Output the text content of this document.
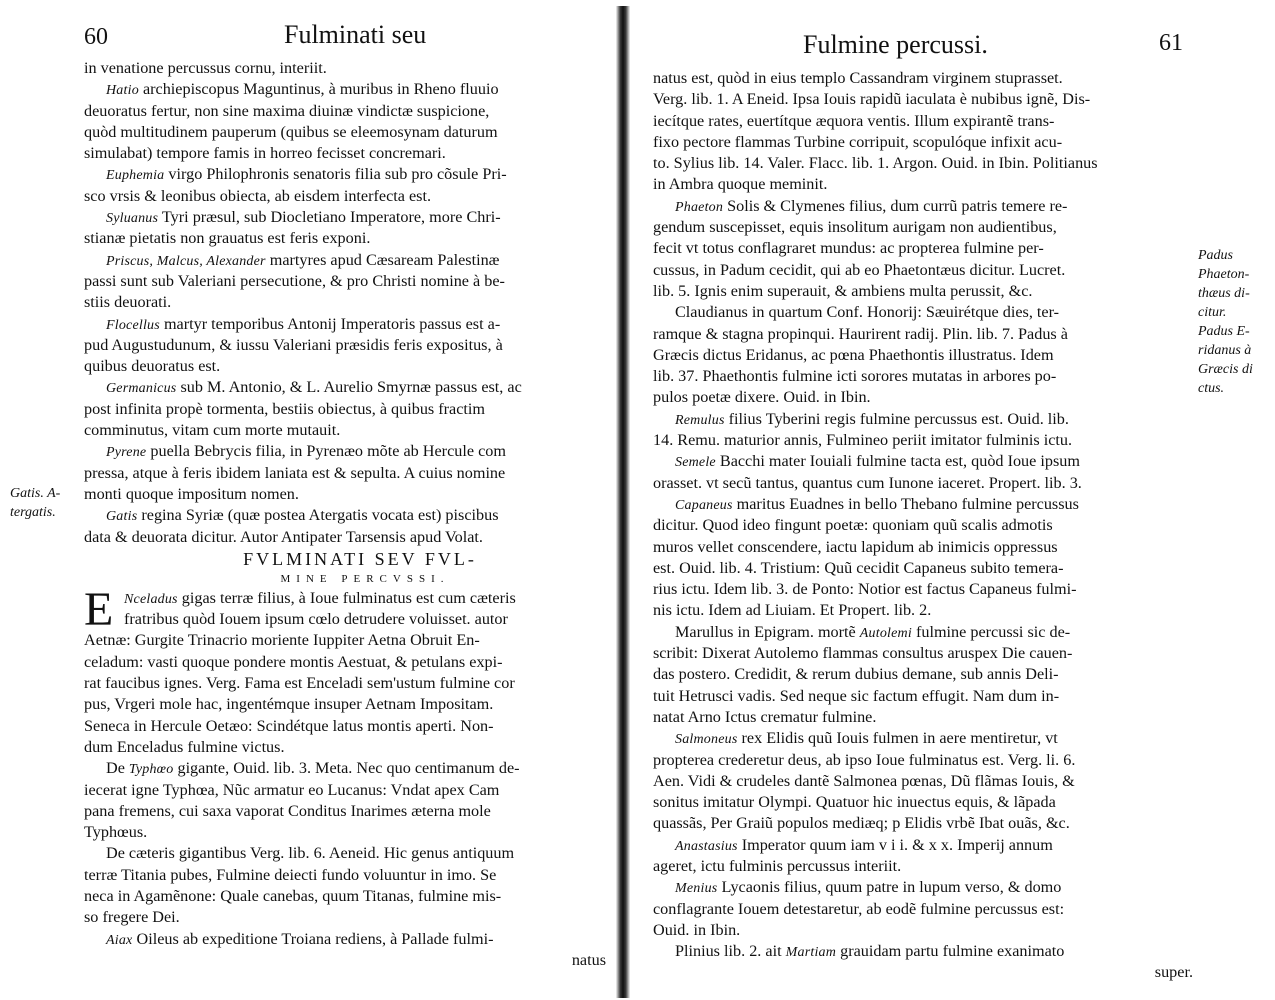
60	Fulminati seu
in venatione percussus cornu, interiit.
Hatio archiepiscopus Maguntinus, à muribus in Rheno fluuio
deuoratus fertur, non sine maxima diuinæ vindictæ suspicione,
quòd multitudinem pauperum (quibus se eleemosynam daturum
simulabat) tempore famis in horreo fecisset concremari.
Euphemia virgo Philophronis senatoris filia sub pro cõsule Pri-
sco vrsis & leonibus obiecta, ab eisdem interfecta est.
Syluanus Tyri præsul, sub Diocletiano Imperatore, more Chri-
stianæ pietatis non grauatus est feris exponi.
Priscus, Malcus, Alexander martyres apud Cæsaream Palestinæ
passi sunt sub Valeriani persecutione, & pro Christi nomine à be-
stiis deuorati.
Flocellus martyr temporibus Antonij Imperatoris passus est a-
pud Augustudunum, & iussu Valeriani præsidis feris expositus, à
quibus deuoratus est.
Germanicus sub M. Antonio, & L. Aurelio Smyrnæ passus est, ac
post infinita propè tormenta, bestiis obiectus, à quibus fractim
comminutus, vitam cum morte mutauit.
Pyrene puella Bebrycis filia, in Pyrenæo mõte ab Hercule com
pressa, atque à feris ibidem laniata est & sepulta. A cuius nomine
monti quoque impositum nomen.
Gatis regina Syriæ (quæ postea Atergatis vocata est) piscibus
data & deuorata dicitur. Autor Antipater Tarsensis apud Volat.
FVLMINATI SEV FVL-
MINE PERCVSSI.
E Nceladus gigas terræ filius, à Ioue fulminatus est cum cæteris
fratribus quòd Iouem ipsum cœlo detrudere voluisset. autor
Aetnæ: Gurgite Trinacrio moriente Iuppiter Aetna Obruit En-
celadum: vasti quoque pondere montis Aestuat, & petulans expi-
rat faucibus ignes. Verg. Fama est Enceladi sem'ustum fulmine cor
pus, Vrgeri mole hac, ingentémque insuper Aetnam Impositam.
Seneca in Hercule Oetæo: Scindétque latus montis aperti. Non-
dum Enceladus fulmine victus.
De Typhœo gigante, Ouid. lib. 3. Meta. Nec quo centimanum de-
iecerat igne Typhœa, Nũc armatur eo Lucanus: Vndat apex Cam
pana fremens, cui saxa vaporat Conditus Inarimes æterna mole
Typhœus.
De cæteris gigantibus Verg. lib. 6. Aeneid. Hic genus antiquum
terræ Titania pubes, Fulmine deiecti fundo voluuntur in imo. Se
neca in Agamẽnone: Quale canebas, quum Titanas, fulmine mis-
so fregere Dei.
Aiax Oileus ab expeditione Troiana rediens, à Pallade fulmi-
natus
Fulmine percussi.	61
natus est, quòd in eius templo Cassandram virginem stuprasset.
Verg. lib. 1. A Eneid. Ipsa Iouis rapidũ iaculata è nubibus ignẽ, Dis-
iecítque rates, euertítque æquora ventis. Illum expirantẽ trans-
fixo pectore flammas Turbine corripuit, scopulóque infixit acu-
to. Sylius lib. 14. Valer. Flacc. lib. 1. Argon. Ouid. in Ibin. Politianus
in Ambra quoque meminit.
Phaeton Solis & Clymenes filius, dum currũ patris temere re-
gendum suscepisset, equis insolitum aurigam non audientibus,
fecit vt totus conflagraret mundus: ac propterea fulmine per-
cussus, in Padum cecidit, qui ab eo Phaetontæus dicitur. Lucret.
lib. 5. Ignis enim superauit, & ambiens multa perussit, &c.
Claudianus in quartum Conf. Honorij: Sæuirétque dies, ter-
ramque & stagna propinqui. Haurirent radij. Plin. lib. 7. Padus à
Græcis dictus Eridanus, ac pœna Phaethontis illustratus. Idem
lib. 37. Phaethontis fulmine icti sorores mutatas in arbores po-
pulos poetæ dixere. Ouid. in Ibin.
Remulus filius Tyberini regis fulmine percussus est. Ouid. lib.
14. Remu. maturior annis, Fulmineo periit imitator fulminis ictu.
Semele Bacchi mater Iouiali fulmine tacta est, quòd Ioue ipsum
orasset. vt secũ tantus, quantus cum Iunone iaceret. Propert. lib. 3.
Capaneus maritus Euadnes in bello Thebano fulmine percussus
dicitur. Quod ideo fingunt poetæ: quoniam quũ scalis admotis
muros vellet conscendere, iactu lapidum ab inimicis oppressus
est. Ouid. lib. 4. Tristium: Quũ cecidit Capaneus subito temera-
rius ictu. Idem lib. 3. de Ponto: Notior est factus Capaneus fulmi-
nis ictu. Idem ad Liuiam. Et Propert. lib. 2.
Marullus in Epigram. mortẽ Autolemi fulmine percussi sic de-
scribit: Dixerat Autolemo flammas consultus aruspex Die cauen-
das postero. Credidit, & rerum dubius demane, sub annis Deli-
tuit Hetrusci vadis. Sed neque sic factum effugit. Nam dum in-
natat Arno Ictus crematur fulmine.
Salmoneus rex Elidis quũ Iouis fulmen in aere mentiretur, vt
propterea crederetur deus, ab ipso Ioue fulminatus est. Verg. li. 6.
Aen. Vidi & crudeles dantẽ Salmonea pœnas, Dũ flãmas Iouis, &
sonitus imitatur Olympi. Quatuor hic inuectus equis, & lãpada
quassãs, Per Graiũ populos mediæq; p Elidis vrbẽ Ibat ouãs, &c.
Anastasius Imperator quum iam v i i. & x x. Imperij annum
ageret, ictu fulminis percussus interiit.
Menius Lycaonis filius, quum patre in lupum verso, & domo
conflagrante Iouem detestaretur, ab eodẽ fulmine percussus est:
Ouid. in Ibin.
Plinius lib. 2. ait Martiam grauidam partu fulmine exanimato
super.
Gatis. A-
tergatis.
Padus
Phaeton-
thæus di-
citur.
Padus E-
ridanus à
Græcis di
ctus.
